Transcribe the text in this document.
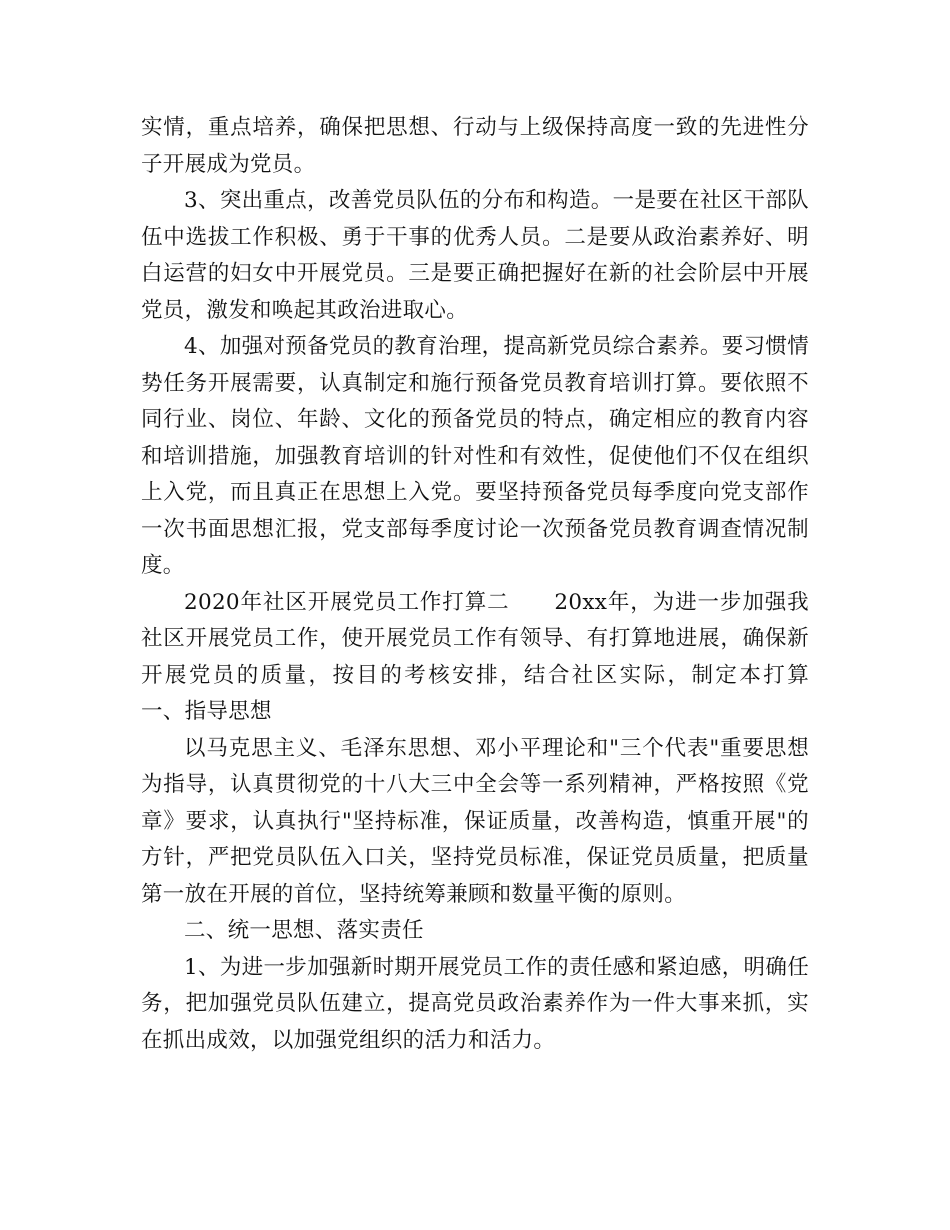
实情，重点培养，确保把思想、行动与上级保持高度一致的先进性分子开展成为党员。

3、突出重点，改善党员队伍的分布和构造。一是要在社区干部队伍中选拔工作积极、勇于干事的优秀人员。二是要从政治素养好、明白运营的妇女中开展党员。三是要正确把握好在新的社会阶层中开展党员，激发和唤起其政治进取心。

4、加强对预备党员的教育治理，提高新党员综合素养。要习惯情势任务开展需要，认真制定和施行预备党员教育培训打算。要依照不同行业、岗位、年龄、文化的预备党员的特点，确定相应的教育内容和培训措施，加强教育培训的针对性和有效性，促使他们不仅在组织上入党，而且真正在思想上入党。要坚持预备党员每季度向党支部作一次书面思想汇报，党支部每季度讨论一次预备党员教育调查情况制度。

2020年社区开展党员工作打算二　　20xx年，为进一步加强我社区开展党员工作，使开展党员工作有领导、有打算地进展，确保新开展党员的质量，按目的考核安排，结合社区实际，制定本打算　　一、指导思想

以马克思主义、毛泽东思想、邓小平理论和"三个代表"重要思想为指导，认真贯彻党的十八大三中全会等一系列精神，严格按照《党章》要求，认真执行"坚持标准，保证质量，改善构造，慎重开展"的方针，严把党员队伍入口关，坚持党员标准，保证党员质量，把质量第一放在开展的首位，坚持统筹兼顾和数量平衡的原则。

二、统一思想、落实责任

1、为进一步加强新时期开展党员工作的责任感和紧迫感，明确任务，把加强党员队伍建立，提高党员政治素养作为一件大事来抓，实在抓出成效，以加强党组织的活力和活力。
